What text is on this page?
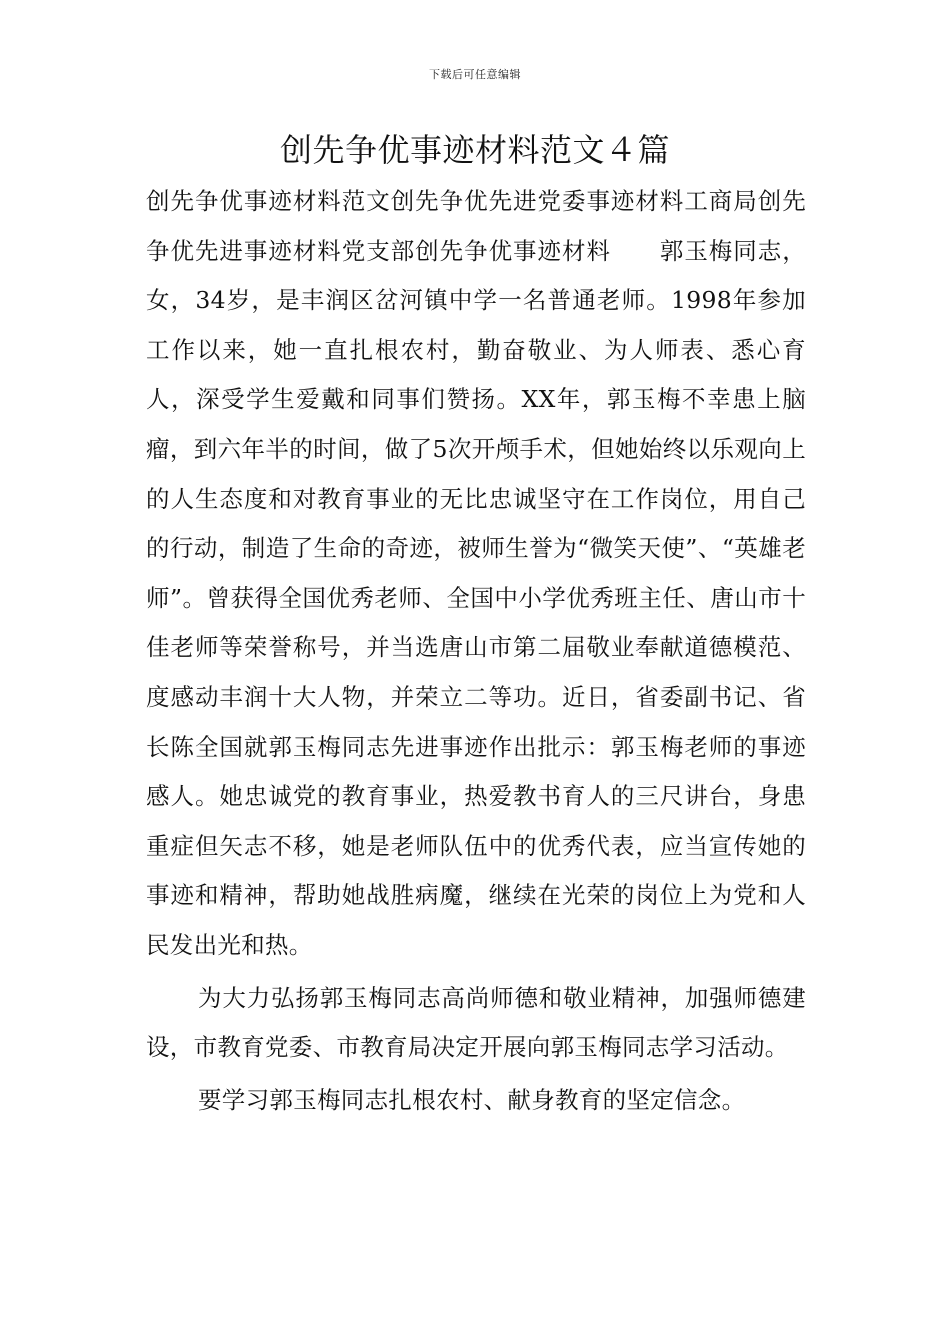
下载后可任意编辑
创先争优事迹材料范文４篇

创先争优事迹材料范文创先争优先进党委事迹材料工商局创先争优先进事迹材料党支部创先争优事迹材料　　郭玉梅同志，女，34岁，是丰润区岔河镇中学一名普通老师。1998年参加工作以来，她一直扎根农村，勤奋敬业、为人师表、悉心育人，深受学生爱戴和同事们赞扬。XX年，郭玉梅不幸患上脑瘤，到六年半的时间，做了5次开颅手术，但她始终以乐观向上的人生态度和对教育事业的无比忠诚坚守在工作岗位，用自己的行动，制造了生命的奇迹，被师生誉为“微笑天使”、“英雄老师”。曾获得全国优秀老师、全国中小学优秀班主任、唐山市十佳老师等荣誉称号，并当选唐山市第二届敬业奉献道德模范、度感动丰润十大人物，并荣立二等功。近日，省委副书记、省长陈全国就郭玉梅同志先进事迹作出批示：郭玉梅老师的事迹感人。她忠诚党的教育事业，热爱教书育人的三尺讲台，身患重症但矢志不移，她是老师队伍中的优秀代表，应当宣传她的事迹和精神，帮助她战胜病魔，继续在光荣的岗位上为党和人民发出光和热。

为大力弘扬郭玉梅同志高尚师德和敬业精神，加强师德建设，市教育党委、市教育局决定开展向郭玉梅同志学习活动。

要学习郭玉梅同志扎根农村、献身教育的坚定信念。
